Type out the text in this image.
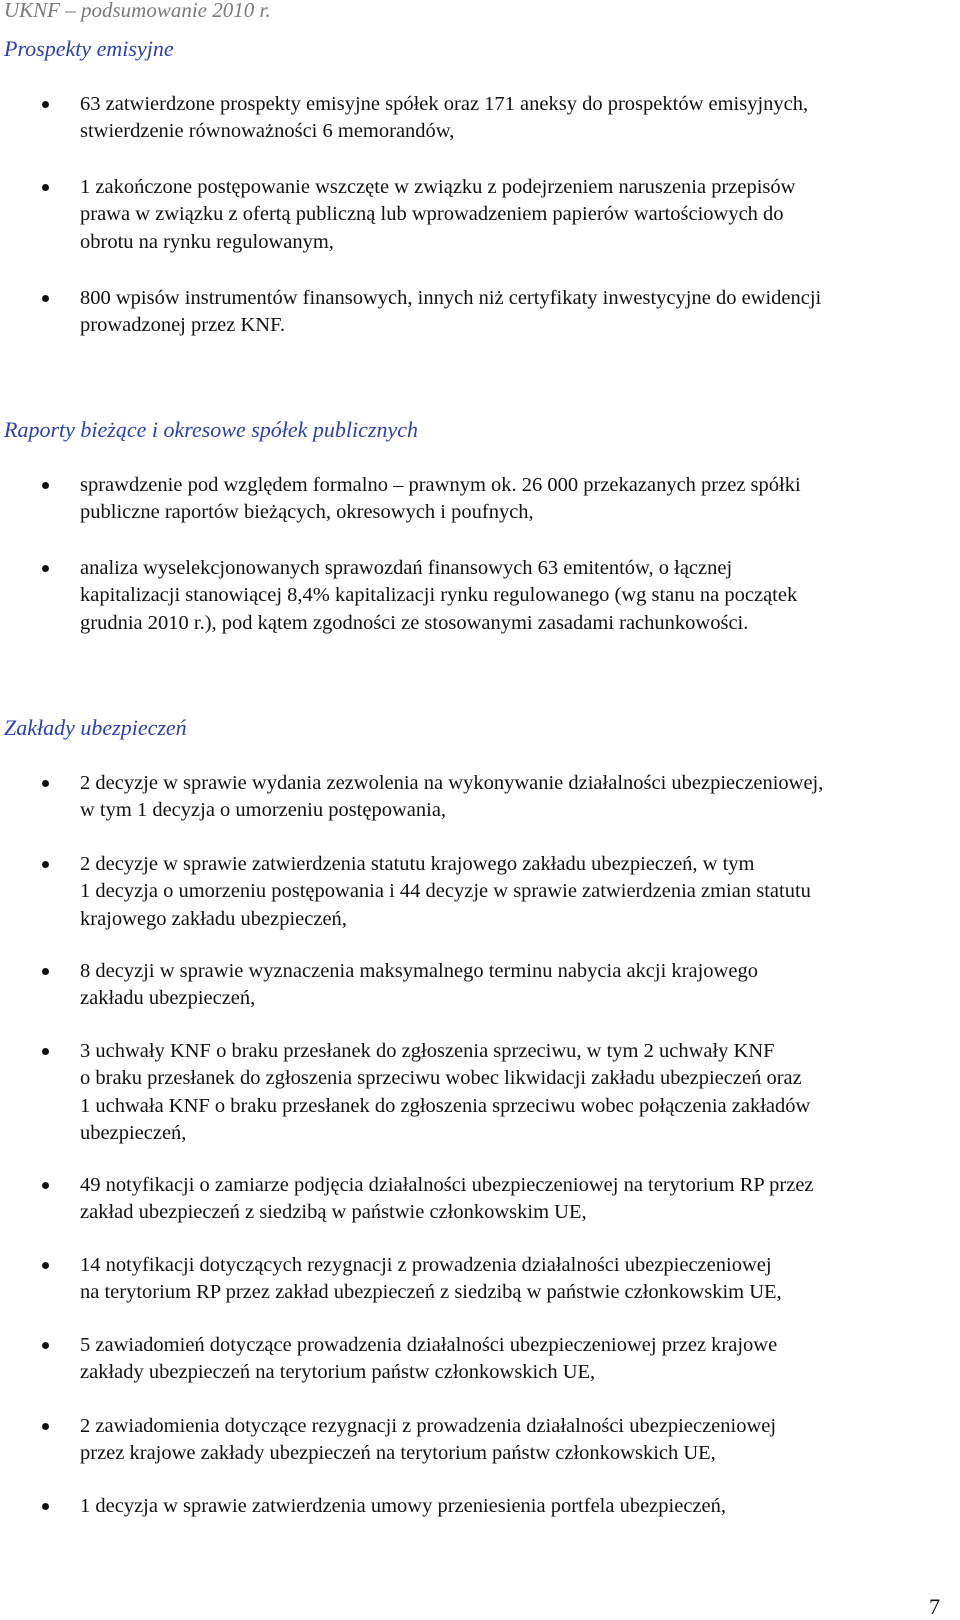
UKNF – podsumowanie 2010 r.

Prospekty emisyjne
63 zatwierdzone prospekty emisyjne spółek oraz 171 aneksy do prospektów emisyjnych,
stwierdzenie równoważności 6 memorandów,
1 zakończone postępowanie wszczęte w związku z podejrzeniem naruszenia przepisów
prawa w związku z ofertą publiczną lub wprowadzeniem papierów wartościowych do
obrotu na rynku regulowanym,
800 wpisów instrumentów finansowych, innych niż certyfikaty inwestycyjne do ewidencji
prowadzonej przez KNF.
Raporty bieżące i okresowe spółek publicznych
sprawdzenie pod względem formalno – prawnym ok. 26 000 przekazanych przez spółki
publiczne raportów bieżących, okresowych i poufnych,
analiza wyselekcjonowanych sprawozdań finansowych 63 emitentów, o łącznej
kapitalizacji stanowiącej 8,4% kapitalizacji rynku regulowanego (wg stanu na początek
grudnia 2010 r.), pod kątem zgodności ze stosowanymi zasadami rachunkowości.
Zakłady ubezpieczeń
2 decyzje w sprawie wydania zezwolenia na wykonywanie działalności ubezpieczeniowej,
w tym 1 decyzja o umorzeniu postępowania,
2 decyzje w sprawie zatwierdzenia statutu krajowego zakładu ubezpieczeń, w tym
1 decyzja o umorzeniu postępowania i 44 decyzje w sprawie zatwierdzenia zmian statutu
krajowego zakładu ubezpieczeń,
8 decyzji w sprawie wyznaczenia maksymalnego terminu nabycia akcji krajowego
zakładu ubezpieczeń,
3 uchwały KNF o braku przesłanek do zgłoszenia sprzeciwu, w tym 2 uchwały KNF
o braku przesłanek do zgłoszenia sprzeciwu wobec likwidacji zakładu ubezpieczeń oraz
1 uchwała KNF o braku przesłanek do zgłoszenia sprzeciwu wobec połączenia zakładów
ubezpieczeń,
49 notyfikacji o zamiarze podjęcia działalności ubezpieczeniowej na terytorium RP przez
zakład ubezpieczeń z siedzibą w państwie członkowskim UE,
14 notyfikacji dotyczących rezygnacji z prowadzenia działalności ubezpieczeniowej
na terytorium RP przez zakład ubezpieczeń z siedzibą w państwie członkowskim UE,
5 zawiadomień dotyczące prowadzenia działalności ubezpieczeniowej przez krajowe
zakłady ubezpieczeń na terytorium państw członkowskich UE,
2 zawiadomienia dotyczące rezygnacji z prowadzenia działalności ubezpieczeniowej
przez krajowe zakłady ubezpieczeń na terytorium państw członkowskich UE,
1 decyzja w sprawie zatwierdzenia umowy przeniesienia portfela ubezpieczeń,

7
